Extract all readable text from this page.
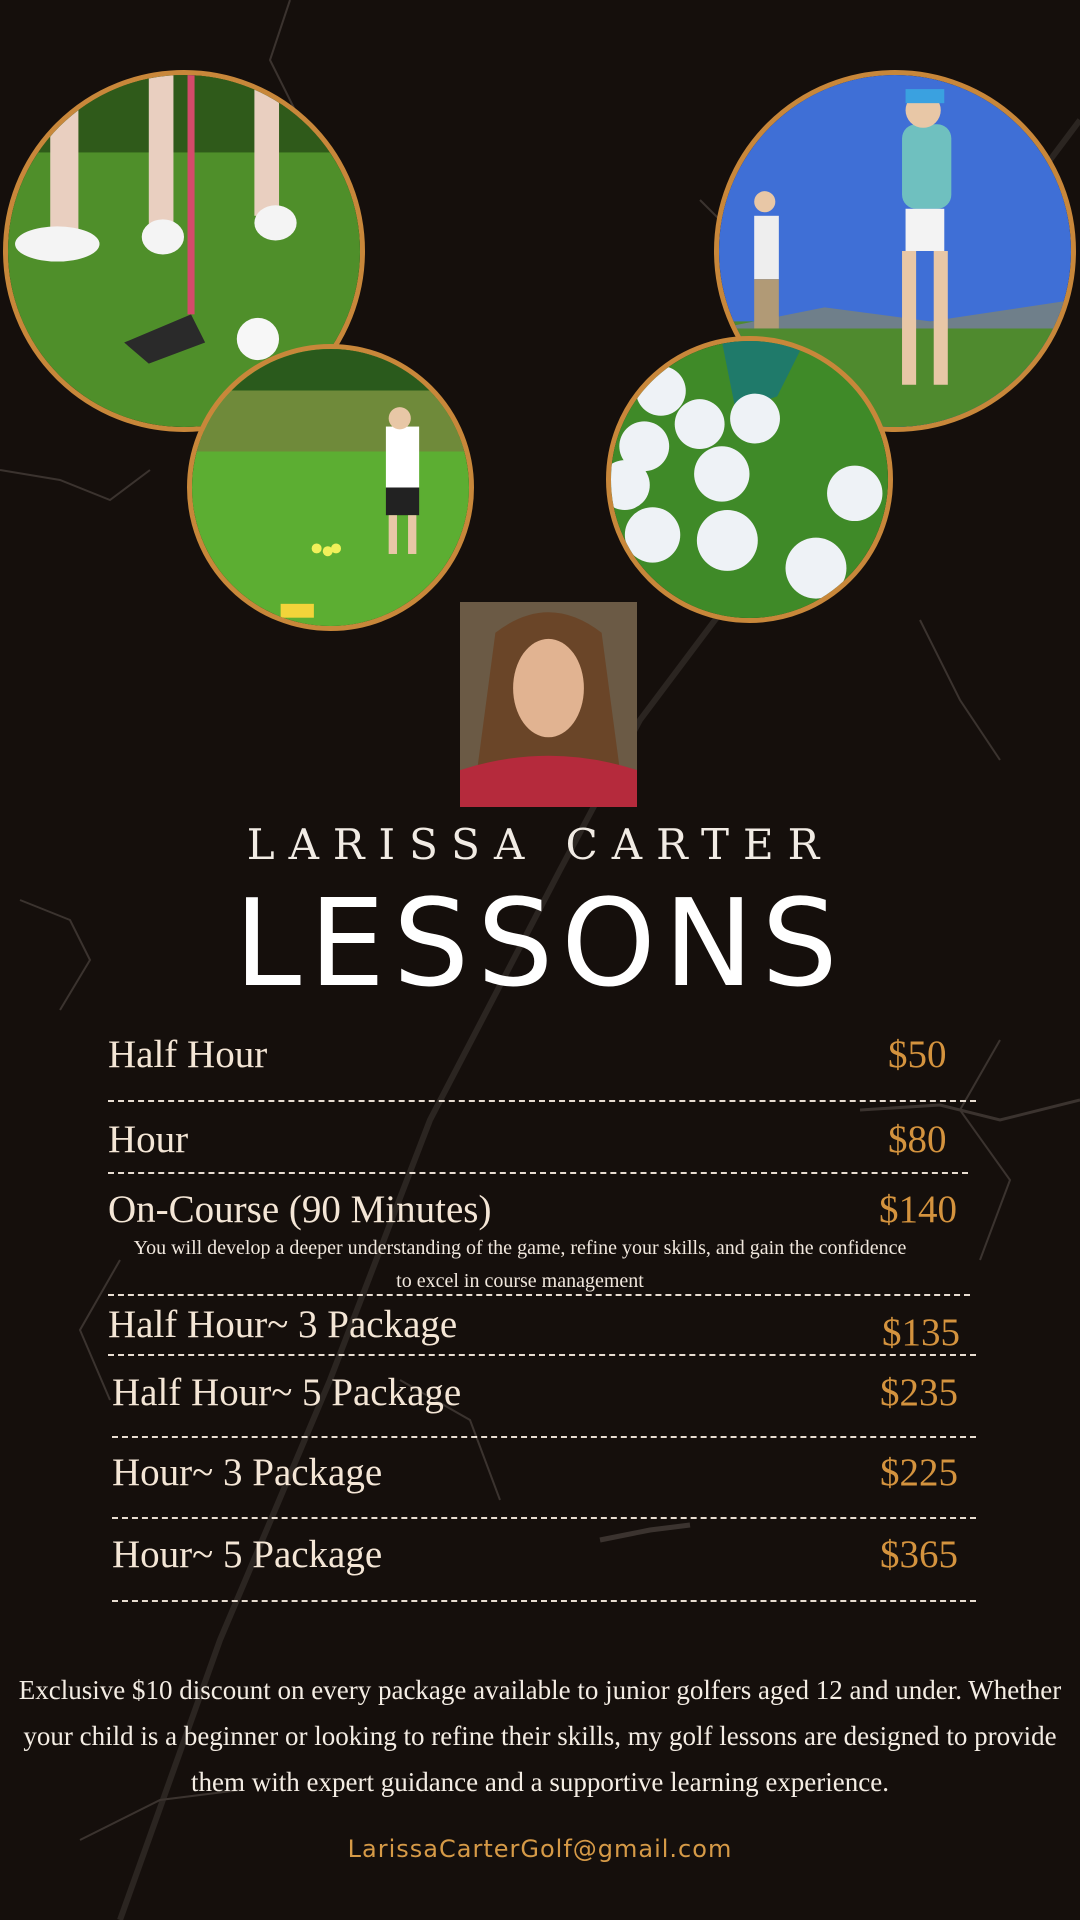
LARISSA CARTER
LESSONS
Half Hour	$50
Hour	$80
On-Course (90 Minutes)	$140
You will develop a deeper understanding of the game, refine your skills, and gain the confidence
to excel in course management
Half Hour~ 3 Package	$135
Half Hour~ 5 Package	$235
Hour~ 3 Package	$225
Hour~ 5 Package	$365
Exclusive $10 discount on every package available to junior golfers aged 12 and under. Whether
your child is a beginner or looking to refine their skills, my golf lessons are designed to provide
them with expert guidance and a supportive learning experience.
LarissaCarterGolf@gmail.com
